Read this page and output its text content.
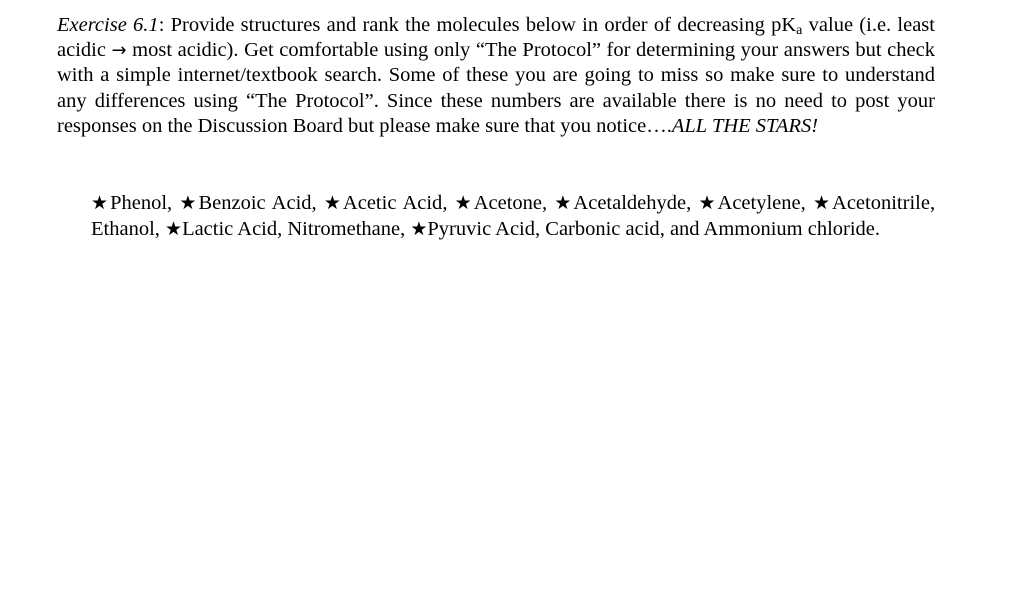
Exercise 6.1: Provide structures and rank the molecules below in order of decreasing $pK_a$ value (i.e. least acidic → most acidic). Get comfortable using only “The Protocol” for determining your answers but check with a simple internet/textbook search. Some of these you are going to miss so make sure to understand any differences using “The Protocol”. Since these numbers are available there is no need to post your responses on the Discussion Board but please make sure that you notice….ALL THE STARS!
★Phenol, ★Benzoic Acid, ★Acetic Acid, ★Acetone, ★Acetaldehyde, ★Acetylene, ★Acetonitrile, Ethanol, ★Lactic Acid, Nitromethane, ★Pyruvic Acid, Carbonic acid, and Ammonium chloride.
